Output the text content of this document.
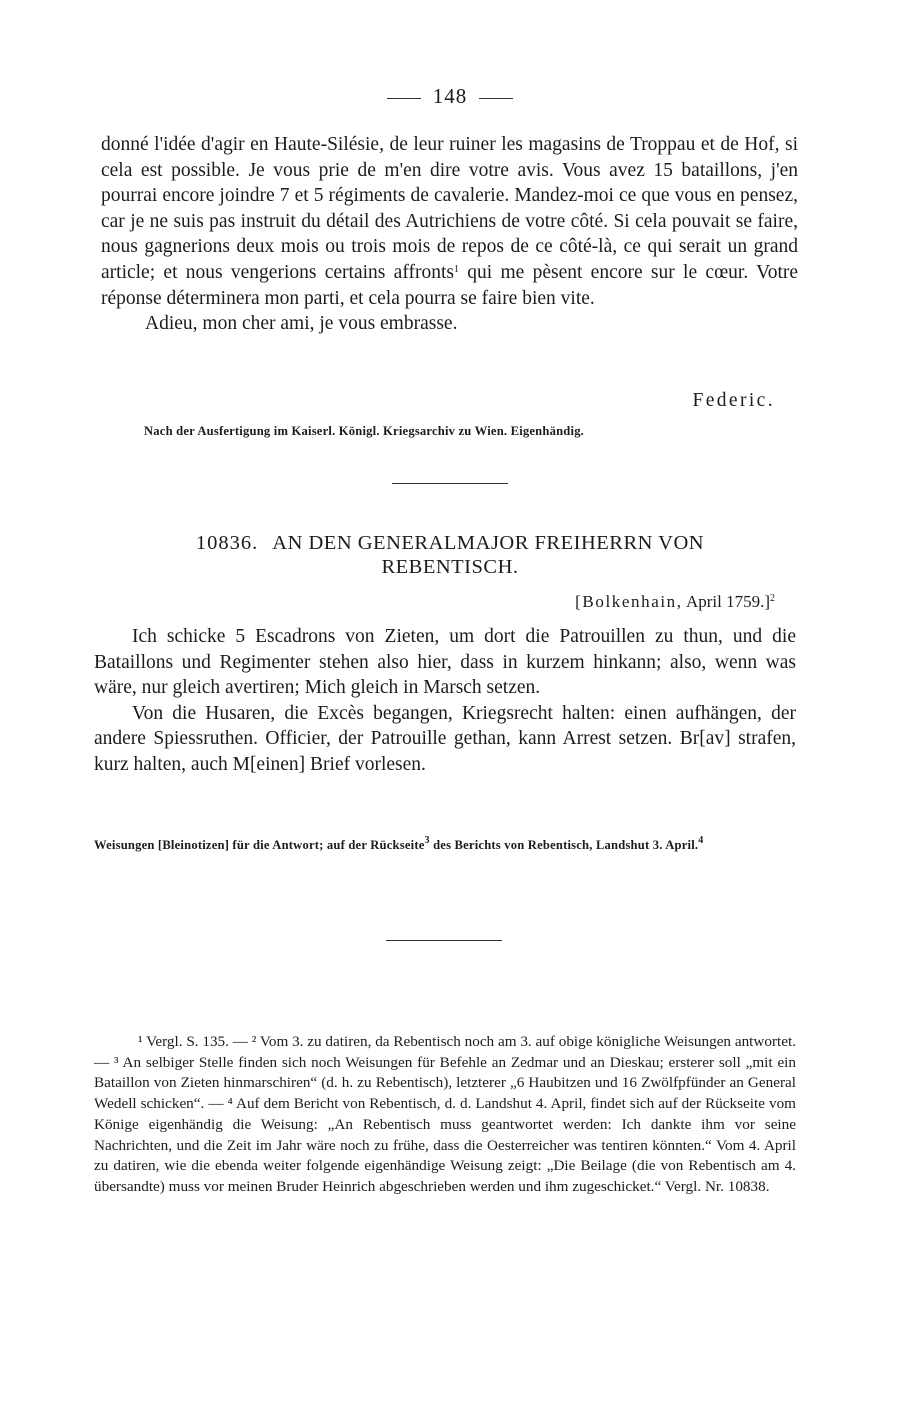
148

donné l'idée d'agir en Haute-Silésie, de leur ruiner les magasins de Troppau et de Hof, si cela est possible. Je vous prie de m'en dire votre avis. Vous avez 15 bataillons, j'en pourrai encore joindre 7 et 5 régiments de cavalerie. Mandez-moi ce que vous en pensez, car je ne suis pas instruit du détail des Autrichiens de votre côté. Si cela pouvait se faire, nous gagnerions deux mois ou trois mois de repos de ce côté-là, ce qui serait un grand article; et nous vengerions certains affronts$^1$ qui me pèsent encore sur le cœur. Votre réponse déterminera mon parti, et cela pourra se faire bien vite.

Adieu, mon cher ami, je vous embrasse.

Federic.
Nach der Ausfertigung im Kaiserl. Königl. Kriegsarchiv zu Wien. Eigenhändig.
10836. AN DEN GENERALMAJOR FREIHERRN VON
REBENTISCH.
[Bolkenhain, April 1759.]$^2$

Ich schicke 5 Escadrons von Zieten, um dort die Patrouillen zu thun, und die Bataillons und Regimenter stehen also hier, dass in kurzem hinkann; also, wenn was wäre, nur gleich avertiren; Mich gleich in Marsch setzen.

Von die Husaren, die Excès begangen, Kriegsrecht halten: einen aufhängen, der andere Spiessruthen. Officier, der Patrouille gethan, kann Arrest setzen. Br[av] strafen, kurz halten, auch M[einen] Brief vorlesen.

Weisungen [Bleinotizen] für die Antwort; auf der Rückseite$^3$ des Berichts von Rebentisch, Landshut 3. April.$^4$

¹ Vergl. S. 135. — ² Vom 3. zu datiren, da Rebentisch noch am 3. auf obige königliche Weisungen antwortet. — ³ An selbiger Stelle finden sich noch Weisungen für Befehle an Zedmar und an Dieskau; ersterer soll „mit ein Bataillon von Zieten hinmarschiren“ (d. h. zu Rebentisch), letzterer „6 Haubitzen und 16 Zwölfpfünder an General Wedell schicken“. — ⁴ Auf dem Bericht von Rebentisch, d. d. Landshut 4. April, findet sich auf der Rückseite vom Könige eigenhändig die Weisung: „An Rebentisch muss geantwortet werden: Ich dankte ihm vor seine Nachrichten, und die Zeit im Jahr wäre noch zu frühe, dass die Oesterreicher was tentiren könnten.“ Vom 4. April zu datiren, wie die ebenda weiter folgende eigenhändige Weisung zeigt: „Die Beilage (die von Rebentisch am 4. übersandte) muss vor meinen Bruder Heinrich abgeschrieben werden und ihm zugeschicket.“ Vergl. Nr. 10838.
